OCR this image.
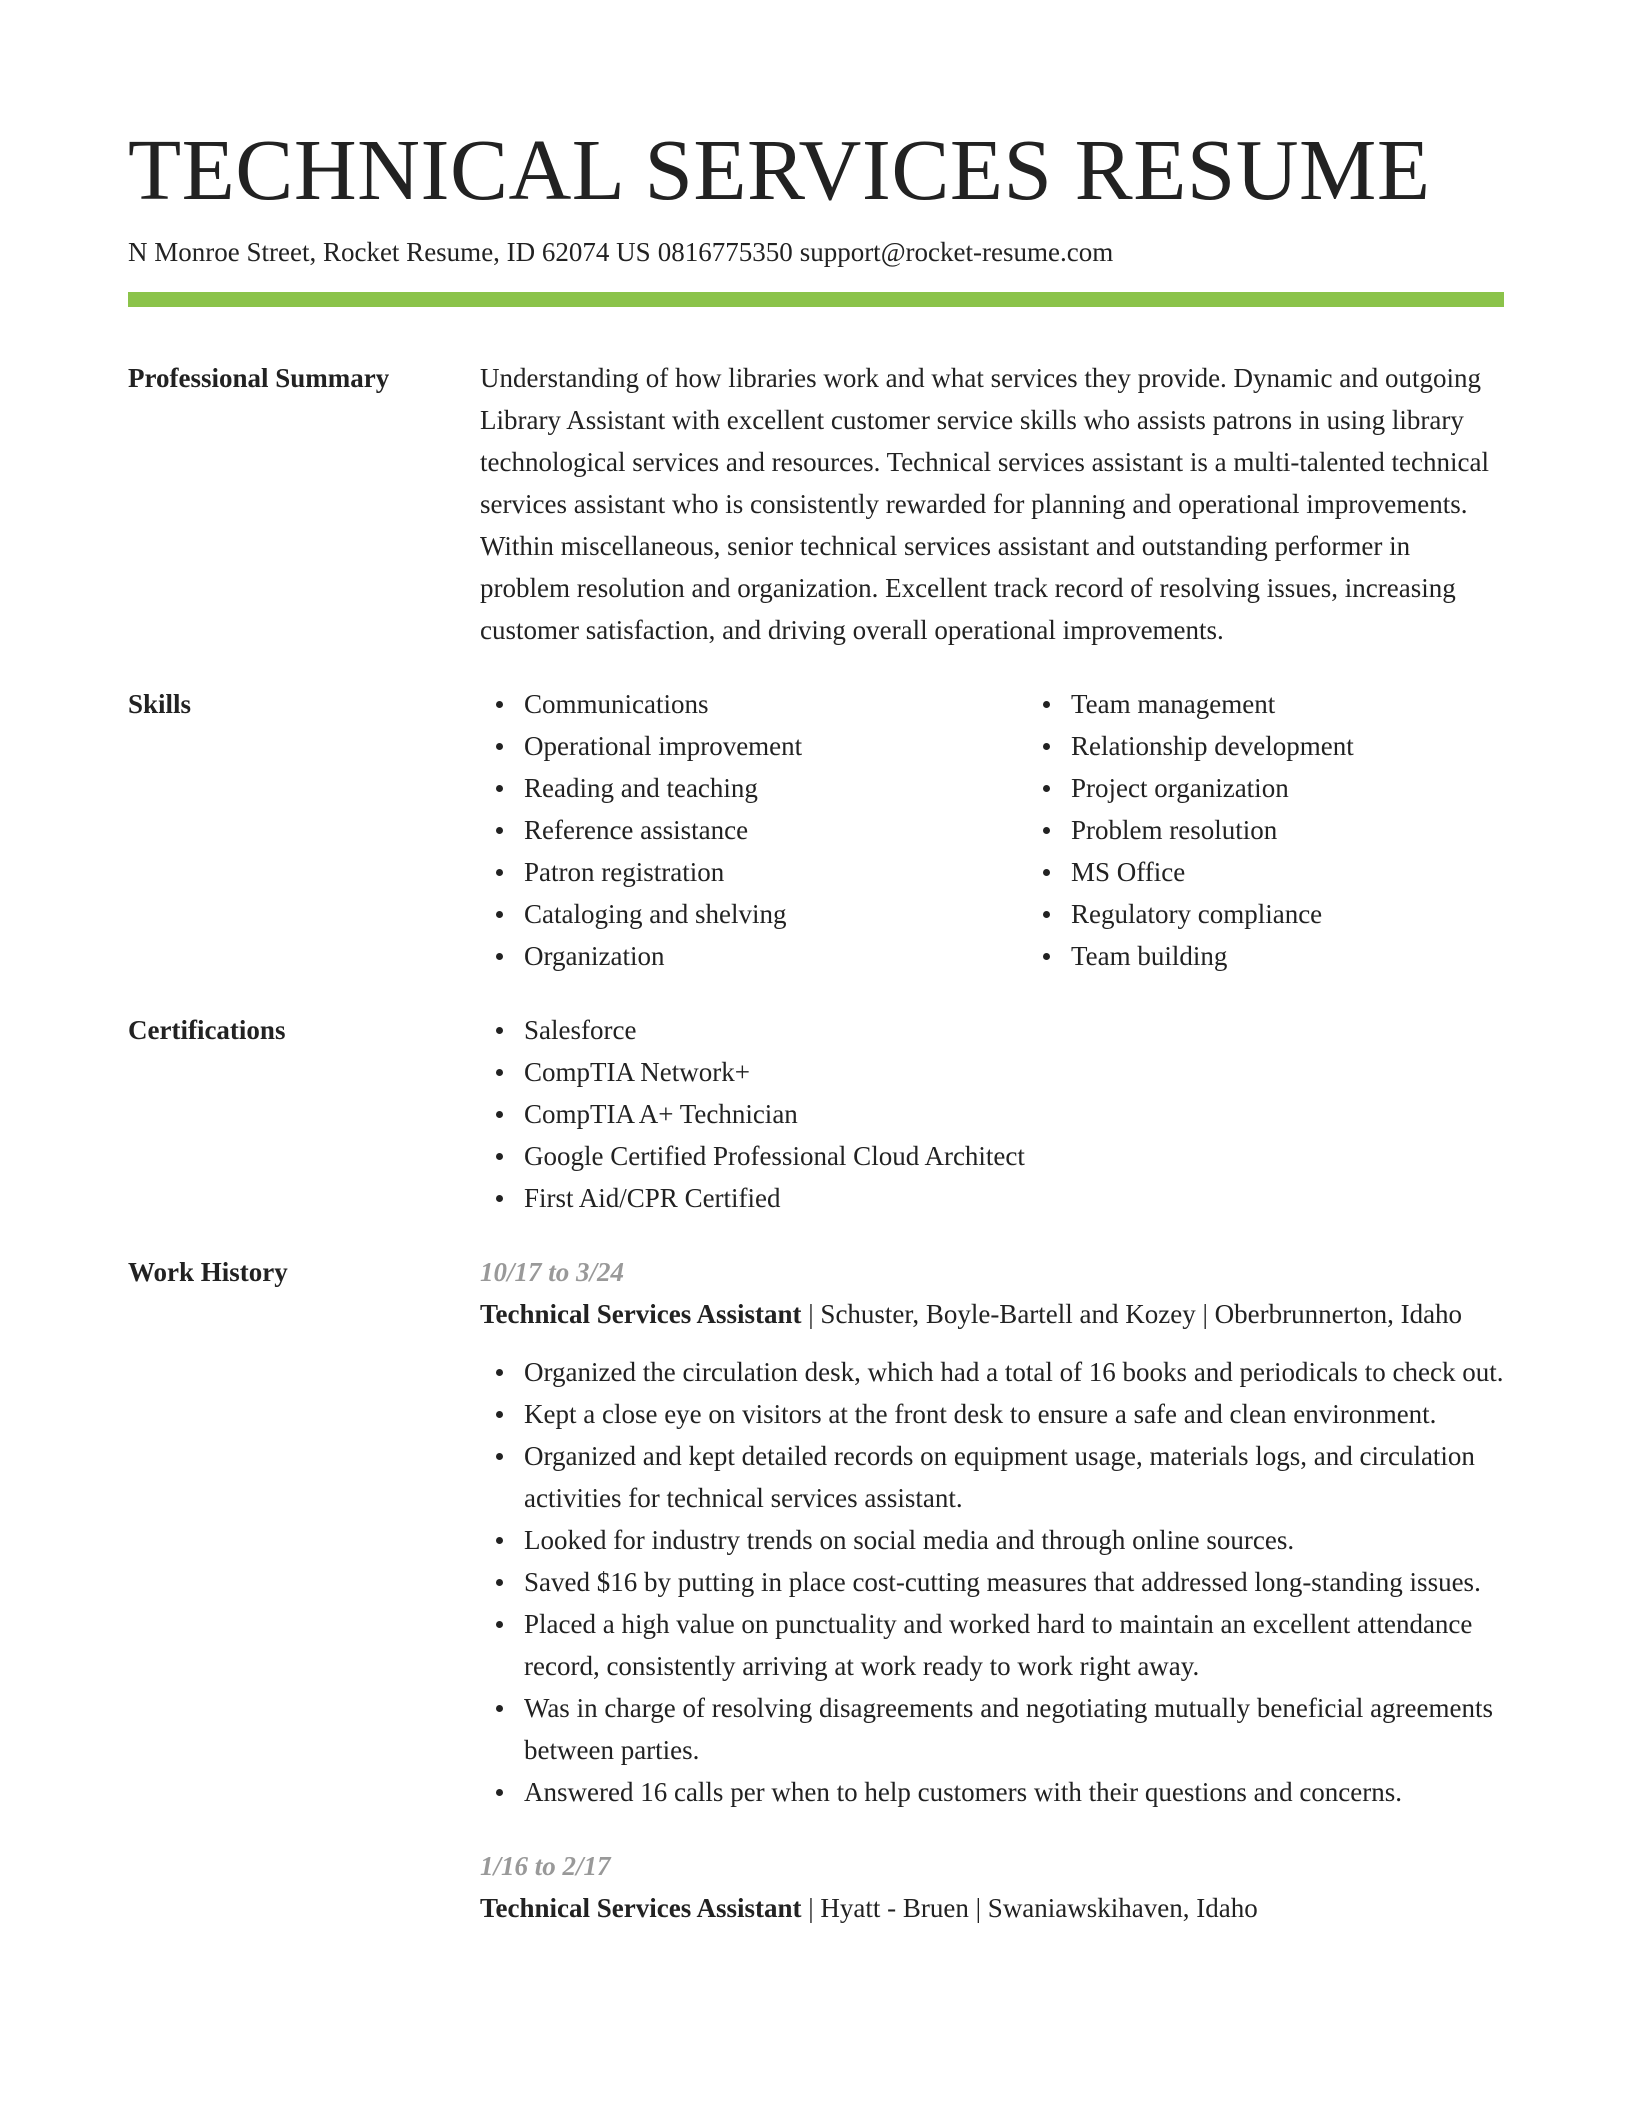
TECHNICAL SERVICES RESUME
N Monroe Street, Rocket Resume, ID 62074 US 0816775350 support@rocket-resume.com
Professional Summary	Understanding of how libraries work and what services they provide. Dynamic and outgoing Library Assistant with excellent customer service skills who assists patrons in using library technological services and resources. Technical services assistant is a multi-talented technical services assistant who is consistently rewarded for planning and operational improvements. Within miscellaneous, senior technical services assistant and outstanding performer in problem resolution and organization. Excellent track record of resolving issues, increasing customer satisfaction, and driving overall operational improvements.

Skills	Communications
Operational improvement
Reading and teaching
Reference assistance
Patron registration
Cataloging and shelving
Organization
Team management
Relationship development
Project organization
Problem resolution
MS Office
Regulatory compliance
Team building
Certifications	Salesforce
CompTIA Network+
CompTIA A+ Technician
Google Certified Professional Cloud Architect
First Aid/CPR Certified
Work History	10/17 to 3/24
Technical Services Assistant | Schuster, Boyle-Bartell and Kozey | Oberbrunnerton, Idaho
Organized the circulation desk, which had a total of 16 books and periodicals to check out.
Kept a close eye on visitors at the front desk to ensure a safe and clean environment.
Organized and kept detailed records on equipment usage, materials logs, and circulation activities for technical services assistant.
Looked for industry trends on social media and through online sources.
Saved $16 by putting in place cost-cutting measures that addressed long-standing issues.
Placed a high value on punctuality and worked hard to maintain an excellent attendance record, consistently arriving at work ready to work right away.
Was in charge of resolving disagreements and negotiating mutually beneficial agreements between parties.
Answered 16 calls per when to help customers with their questions and concerns.
1/16 to 2/17
Technical Services Assistant | Hyatt - Bruen | Swaniawskihaven, Idaho
